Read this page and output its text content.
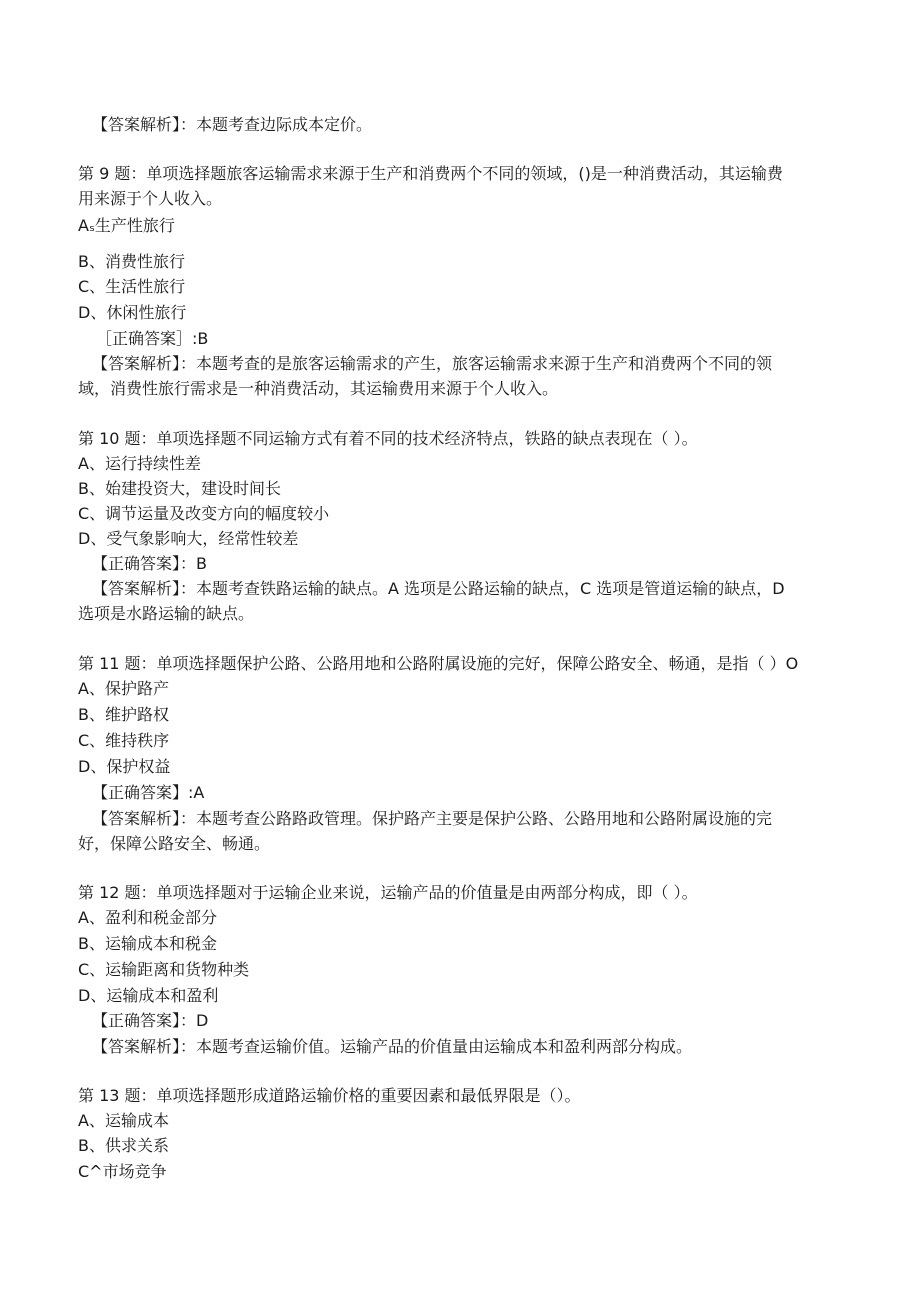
【答案解析】：本题考查边际成本定价。
第 9 题：单项选择题旅客运输需求来源于生产和消费两个不同的领域，()是一种消费活动，其运输费
用来源于个人收入。
Aₛ生产性旅行
B、消费性旅行
C、生活性旅行
D、休闲性旅行
［正确答案］:B
【答案解析】：本题考查的是旅客运输需求的产生，旅客运输需求来源于生产和消费两个不同的领
域，消费性旅行需求是一种消费活动，其运输费用来源于个人收入。
第 10 题：单项选择题不同运输方式有着不同的技术经济特点，铁路的缺点表现在（ ）。
A、运行持续性差
B、始建投资大，建设时间长
C、调节运量及改变方向的幅度较小
D、受气象影响大，经常性较差
【正确答案】：B
【答案解析】：本题考查铁路运输的缺点。A 选项是公路运输的缺点，C 选项是管道运输的缺点，D
选项是水路运输的缺点。
第 11 题：单项选择题保护公路、公路用地和公路附属设施的完好，保障公路安全、畅通，是指（ ）O
A、保护路产
B、维护路权
C、维持秩序
D、保护权益
【正确答案】:A
【答案解析】：本题考查公路路政管理。保护路产主要是保护公路、公路用地和公路附属设施的完
好，保障公路安全、畅通。
第 12 题：单项选择题对于运输企业来说，运输产品的价值量是由两部分构成，即（ ）。
A、盈利和税金部分
B、运输成本和税金
C、运输距离和货物种类
D、运输成本和盈利
【正确答案】：D
【答案解析】：本题考查运输价值。运输产品的价值量由运输成本和盈利两部分构成。
第 13 题：单项选择题形成道路运输价格的重要因素和最低界限是（）。
A、运输成本
B、供求关系
C^市场竞争
